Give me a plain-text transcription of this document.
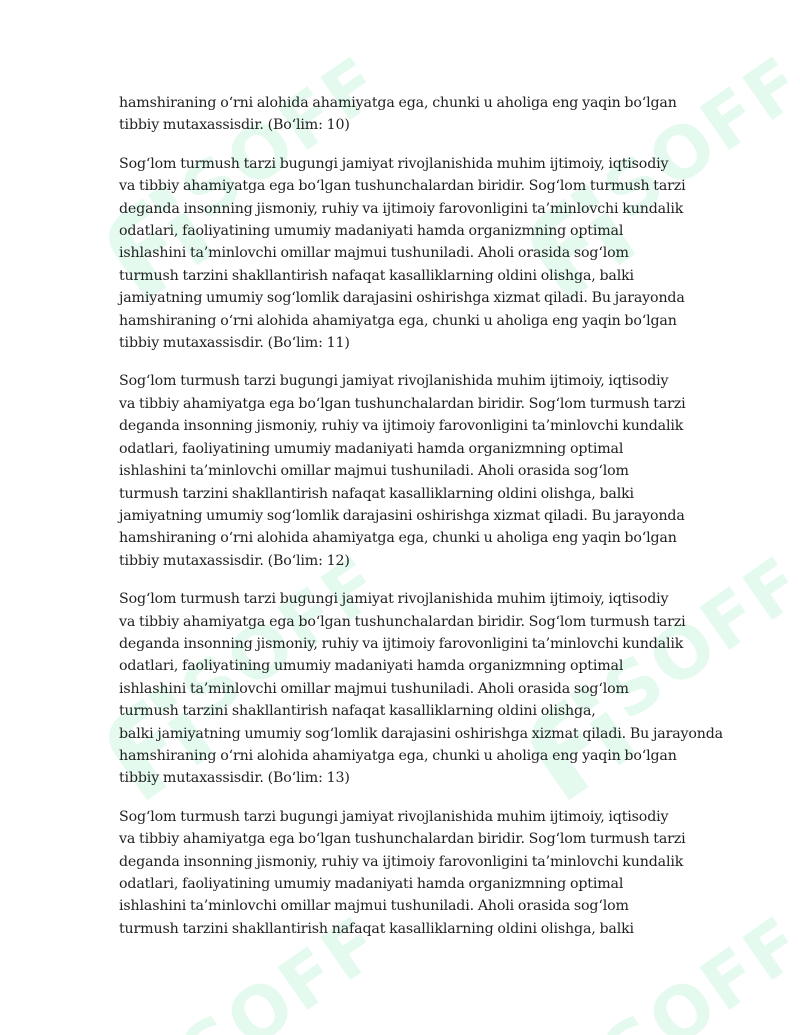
SOFF

hamshiraning o‘rni alohida ahamiyatga ega, chunki u aholiga eng yaqin bo‘lgan
tibbiy mutaxassisdir. (Bo‘lim: 10)

Sog‘lom turmush tarzi bugungi jamiyat rivojlanishida muhim ijtimoiy, iqtisodiy
va tibbiy ahamiyatga ega bo‘lgan tushunchalardan biridir. Sog‘lom turmush tarzi
deganda insonning jismoniy, ruhiy va ijtimoiy farovonligini ta’minlovchi kundalik
odatlari, faoliyatining umumiy madaniyati hamda organizmning optimal
ishlashini ta’minlovchi omillar majmui tushuniladi. Aholi orasida sog‘lom
turmush tarzini shakllantirish nafaqat kasalliklarning oldini olishga, balki
jamiyatning umumiy sog‘lomlik darajasini oshirishga xizmat qiladi. Bu jarayonda
hamshiraning o‘rni alohida ahamiyatga ega, chunki u aholiga eng yaqin bo‘lgan
tibbiy mutaxassisdir. (Bo‘lim: 11)

Sog‘lom turmush tarzi bugungi jamiyat rivojlanishida muhim ijtimoiy, iqtisodiy
va tibbiy ahamiyatga ega bo‘lgan tushunchalardan biridir. Sog‘lom turmush tarzi
deganda insonning jismoniy, ruhiy va ijtimoiy farovonligini ta’minlovchi kundalik
odatlari, faoliyatining umumiy madaniyati hamda organizmning optimal
ishlashini ta’minlovchi omillar majmui tushuniladi. Aholi orasida sog‘lom
turmush tarzini shakllantirish nafaqat kasalliklarning oldini olishga, balki
jamiyatning umumiy sog‘lomlik darajasini oshirishga xizmat qiladi. Bu jarayonda
hamshiraning o‘rni alohida ahamiyatga ega, chunki u aholiga eng yaqin bo‘lgan
tibbiy mutaxassisdir. (Bo‘lim: 12)

Sog‘lom turmush tarzi bugungi jamiyat rivojlanishida muhim ijtimoiy, iqtisodiy
va tibbiy ahamiyatga ega bo‘lgan tushunchalardan biridir. Sog‘lom turmush tarzi
deganda insonning jismoniy, ruhiy va ijtimoiy farovonligini ta’minlovchi kundalik
odatlari, faoliyatining umumiy madaniyati hamda organizmning optimal
ishlashini ta’minlovchi omillar majmui tushuniladi. Aholi orasida sog‘lom
turmush tarzini shakllantirish nafaqat kasalliklarning oldini olishga,
balki jamiyatning umumiy sog‘lomlik darajasini oshirishga xizmat qiladi. Bu jarayonda
hamshiraning o‘rni alohida ahamiyatga ega, chunki u aholiga eng yaqin bo‘lgan
tibbiy mutaxassisdir. (Bo‘lim: 13)

Sog‘lom turmush tarzi bugungi jamiyat rivojlanishida muhim ijtimoiy, iqtisodiy
va tibbiy ahamiyatga ega bo‘lgan tushunchalardan biridir. Sog‘lom turmush tarzi
deganda insonning jismoniy, ruhiy va ijtimoiy farovonligini ta’minlovchi kundalik
odatlari, faoliyatining umumiy madaniyati hamda organizmning optimal
ishlashini ta’minlovchi omillar majmui tushuniladi. Aholi orasida sog‘lom
turmush tarzini shakllantirish nafaqat kasalliklarning oldini olishga, balki
